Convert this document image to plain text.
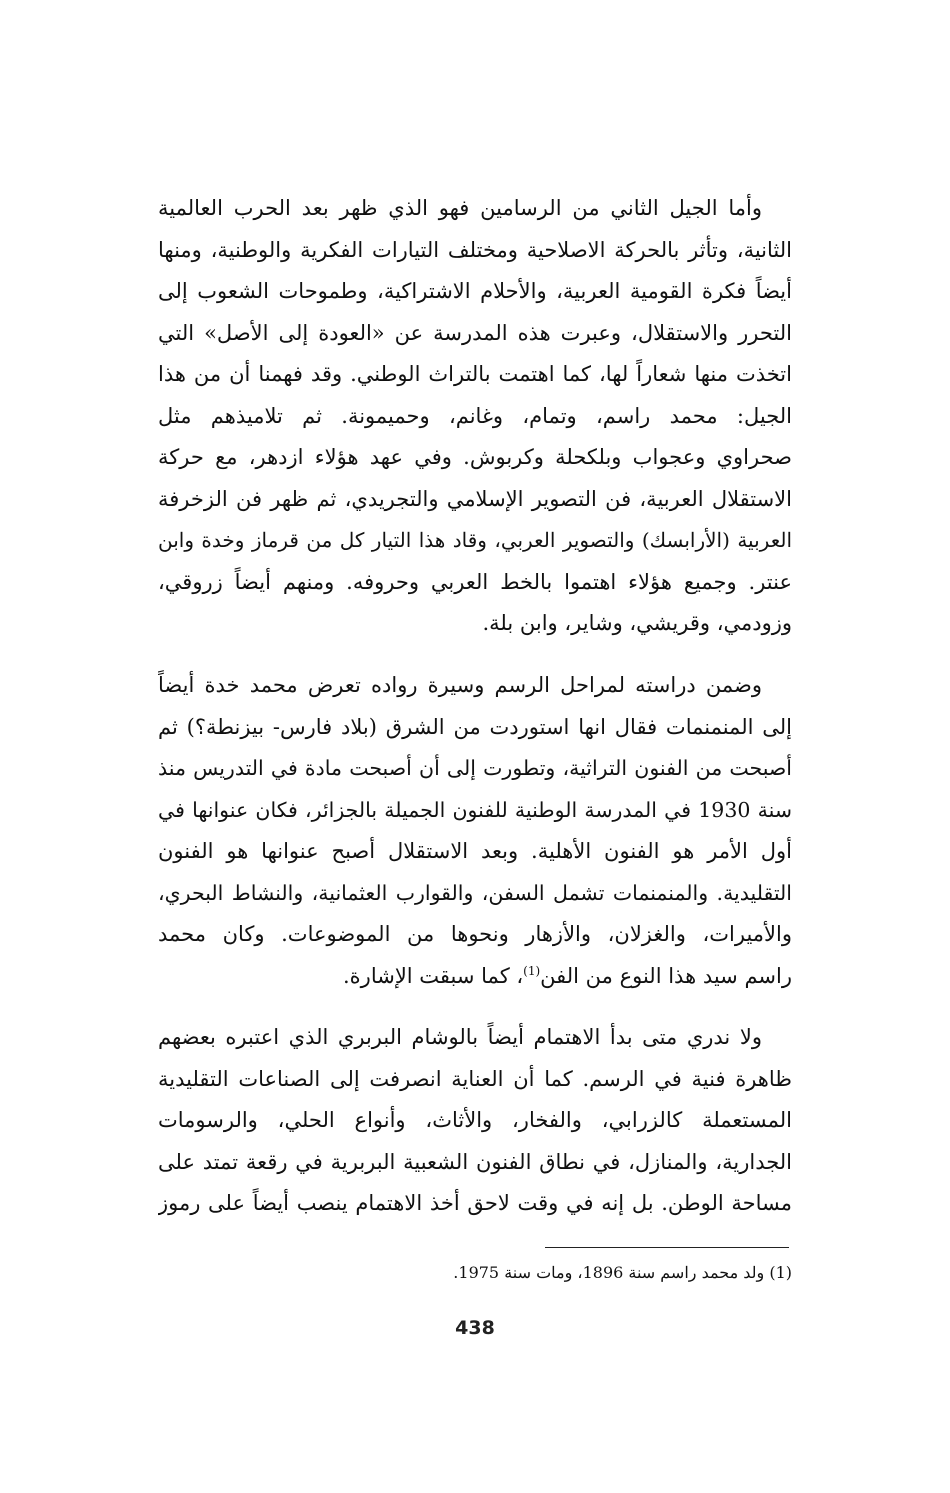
وأما الجيل الثاني من الرسامين فهو الذي ظهر بعد الحرب العالمية
الثانية، وتأثر بالحركة الاصلاحية ومختلف التيارات الفكرية والوطنية، ومنها
أيضاً فكرة القومية العربية، والأحلام الاشتراكية، وطموحات الشعوب إلى
التحرر والاستقلال، وعبرت هذه المدرسة عن «العودة إلى الأصل» التي
اتخذت منها شعاراً لها، كما اهتمت بالتراث الوطني. وقد فهمنا أن من هذا
الجيل: محمد راسم، وتمام، وغانم، وحميمونة. ثم تلاميذهم مثل
صحراوي وعجواب وبلكحلة وكربوش. وفي عهد هؤلاء ازدهر، مع حركة
الاستقلال العربية، فن التصوير الإسلامي والتجريدي، ثم ظهر فن الزخرفة
العربية (الأرابسك) والتصوير العربي، وقاد هذا التيار كل من قرماز وخدة وابن
عنتر. وجميع هؤلاء اهتموا بالخط العربي وحروفه. ومنهم أيضاً زروقي،
وزودمي، وقريشي، وشاير، وابن بلة.
وضمن دراسته لمراحل الرسم وسيرة رواده تعرض محمد خدة أيضاً
إلى المنمنمات فقال انها استوردت من الشرق (بلاد فارس- بيزنطة؟) ثم
أصبحت من الفنون التراثية، وتطورت إلى أن أصبحت مادة في التدريس منذ
سنة 1930 في المدرسة الوطنية للفنون الجميلة بالجزائر، فكان عنوانها في
أول الأمر هو الفنون الأهلية. وبعد الاستقلال أصبح عنوانها هو الفنون
التقليدية. والمنمنمات تشمل السفن، والقوارب العثمانية، والنشاط البحري،
والأميرات، والغزلان، والأزهار ونحوها من الموضوعات. وكان محمد
راسم سيد هذا النوع من الفن$^{(1)}$، كما سبقت الإشارة.
ولا ندري متى بدأ الاهتمام أيضاً بالوشام البربري الذي اعتبره بعضهم
ظاهرة فنية في الرسم. كما أن العناية انصرفت إلى الصناعات التقليدية
المستعملة كالزرابي، والفخار، والأثاث، وأنواع الحلي، والرسومات
الجدارية، والمنازل، في نطاق الفنون الشعبية البربرية في رقعة تمتد على
مساحة الوطن. بل إنه في وقت لاحق أخذ الاهتمام ينصب أيضاً على رموز
(1) ولد محمد راسم سنة 1896، ومات سنة 1975.
438
